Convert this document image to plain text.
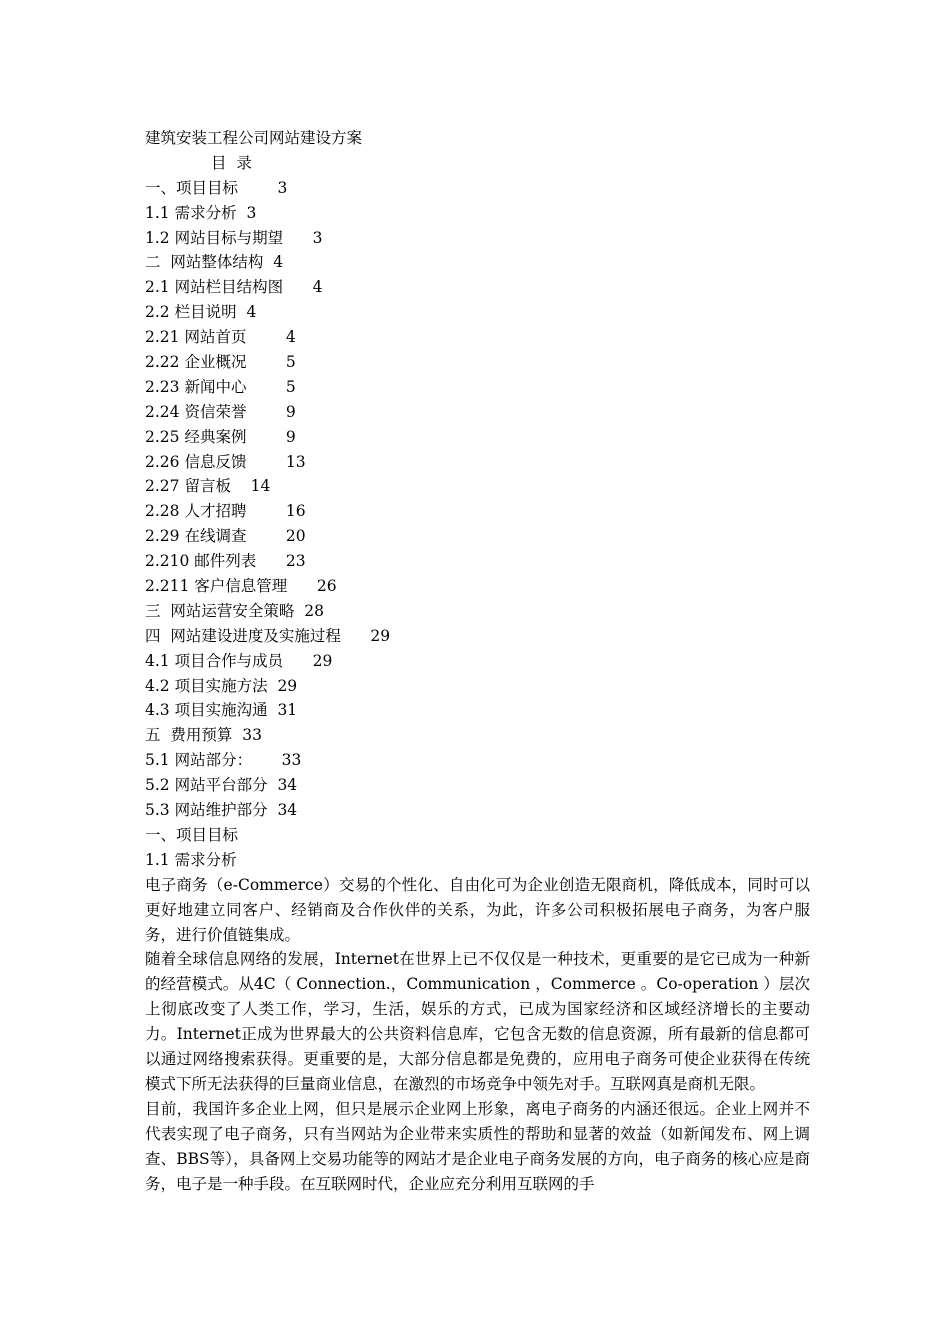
建筑安装工程公司网站建设方案
目  录
一、项目目标	3
1.1 需求分析 3
1.2 网站目标与期望 3
二  网站整体结构 4
2.1 网站栏目结构图 4
2.2 栏目说明 4
2.21 网站首页	4
2.22 企业概况	5
2.23 新闻中心	5
2.24 资信荣誉	9
2.25 经典案例	9
2.26 信息反馈	13
2.27 留言板 14
2.28 人才招聘	16
2.29 在线调查	20
2.210 邮件列表 23
2.211 客户信息管理 26
三  网站运营安全策略 28
四  网站建设进度及实施过程 29
4.1 项目合作与成员 29
4.2 项目实施方法 29
4.3 项目实施沟通 31
五  费用预算 33
5.1 网站部分： 33
5.2 网站平台部分 34
5.3 网站维护部分 34
一、项目目标
1.1 需求分析

电子商务（e-Commerce）交易的个性化、自由化可为企业创造无限商机，降低成本，同时可以更好地建立同客户、经销商及合作伙伴的关系，为此，许多公司积极拓展电子商务，为客户服务，进行价值链集成。

随着全球信息网络的发展，Internet在世界上已不仅仅是一种技术，更重要的是它已成为一种新的经营模式。从4C（ Connection.，Communication ，Commerce 。Co-operation ）层次上彻底改变了人类工作，学习，生活，娱乐的方式，已成为国家经济和区域经济增长的主要动力。Internet正成为世界最大的公共资料信息库，它包含无数的信息资源，所有最新的信息都可以通过网络搜索获得。更重要的是，大部分信息都是免费的，应用电子商务可使企业获得在传统模式下所无法获得的巨量商业信息，在激烈的市场竞争中领先对手。互联网真是商机无限。

目前，我国许多企业上网，但只是展示企业网上形象，离电子商务的内涵还很远。企业上网并不代表实现了电子商务，只有当网站为企业带来实质性的帮助和显著的效益（如新闻发布、网上调查、BBS等），具备网上交易功能等的网站才是企业电子商务发展的方向，电子商务的核心应是商务，电子是一种手段。在互联网时代，企业应充分利用互联网的手
